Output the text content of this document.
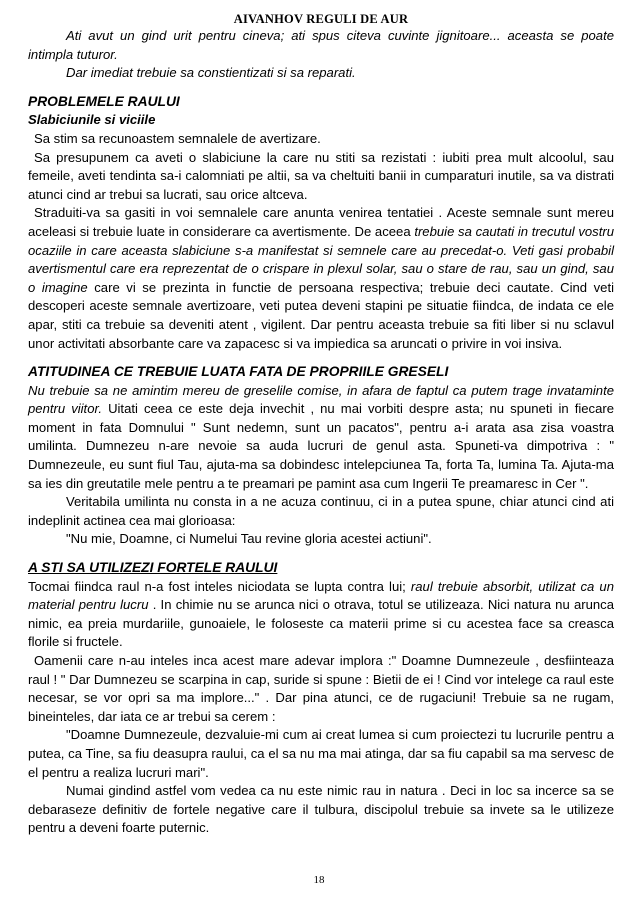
AIVANHOV REGULI DE AUR

Ati avut un gind urit pentru cineva; ati spus citeva cuvinte jignitoare... aceasta se poate intimpla tuturor.

Dar imediat trebuie sa constientizati si sa reparati.

PROBLEMELE RAULUI
Slabiciunile si viciile

Sa stim sa recunoastem semnalele de avertizare.

Sa presupunem ca aveti o slabiciune la care nu stiti sa rezistati : iubiti prea mult alcoolul, sau femeile, aveti tendinta sa-i calomniati pe altii, sa va cheltuiti banii in cumparaturi inutile, sa va distrati atunci cind ar trebui sa lucrati, sau orice altceva.

Straduiti-va sa gasiti in voi semnalele care anunta venirea tentatiei . Aceste semnale sunt mereu aceleasi si trebuie luate in considerare ca avertismente. De aceea trebuie sa cautati in trecutul vostru ocaziile in care aceasta slabiciune s-a manifestat si semnele care au precedat-o. Veti gasi probabil avertismentul care era reprezentat de o crispare in plexul solar, sau o stare de rau, sau un gind, sau o imagine care vi se prezinta in functie de persoana respectiva; trebuie deci cautate. Cind veti descoperi aceste semnale avertizoare, veti putea deveni stapini pe situatie fiindca, de indata ce ele apar, stiti ca trebuie sa deveniti atent , vigilent. Dar pentru aceasta trebuie sa fiti liber si nu sclavul unor activitati absorbante care va zapacesc si va impiedica sa aruncati o privire in voi insiva.

ATITUDINEA CE TREBUIE LUATA FATA DE PROPRIILE GRESELI

Nu trebuie sa ne amintim mereu de greselile comise, in afara de faptul ca putem trage invataminte pentru viitor. Uitati ceea ce este deja invechit , nu mai vorbiti despre asta; nu spuneti in fiecare moment in fata Domnului " Sunt nedemn, sunt un pacatos", pentru a-i arata asa zisa voastra umilinta. Dumnezeu n-are nevoie sa auda lucruri de genul asta. Spuneti-va dimpotriva : " Dumnezeule, eu sunt fiul Tau, ajuta-ma sa dobindesc intelepciunea Ta, forta Ta, lumina Ta. Ajuta-ma sa ies din greutatile mele pentru a te preamari pe pamint asa cum Ingerii Te preamaresc in Cer ".

Veritabila umilinta nu consta in a ne acuza continuu, ci in a putea spune, chiar atunci cind ati indeplinit actinea cea mai glorioasa:

"Nu mie, Doamne, ci Numelui Tau revine gloria acestei actiuni".

A STI SA UTILIZEZI FORTELE RAULUI

Tocmai fiindca raul n-a fost inteles niciodata se lupta contra lui; raul trebuie absorbit, utilizat ca un material pentru lucru . In chimie nu se arunca nici o otrava, totul se utilizeaza. Nici natura nu arunca nimic, ea preia murdariile, gunoaiele, le foloseste ca materii prime si cu acestea face sa creasca florile si fructele.

Oamenii care n-au inteles inca acest mare adevar implora :" Doamne Dumnezeule , desfiinteaza raul ! " Dar Dumnezeu se scarpina in cap, suride si spune : Bietii de ei ! Cind vor intelege ca raul este necesar, se vor opri sa ma implore..." . Dar pina atunci, ce de rugaciuni! Trebuie sa ne rugam, bineinteles, dar iata ce ar trebui sa cerem :

"Doamne Dumnezeule, dezvaluie-mi cum ai creat lumea si cum proiectezi tu lucrurile pentru a putea, ca Tine, sa fiu deasupra raului, ca el sa nu ma mai atinga, dar sa fiu capabil sa ma servesc de el pentru a realiza lucruri mari".

Numai gindind astfel vom vedea ca nu este nimic rau in natura . Deci in loc sa incerce sa se debaraseze definitiv de fortele negative care il tulbura, discipolul trebuie sa invete sa le utilizeze pentru a deveni foarte puternic.

18
